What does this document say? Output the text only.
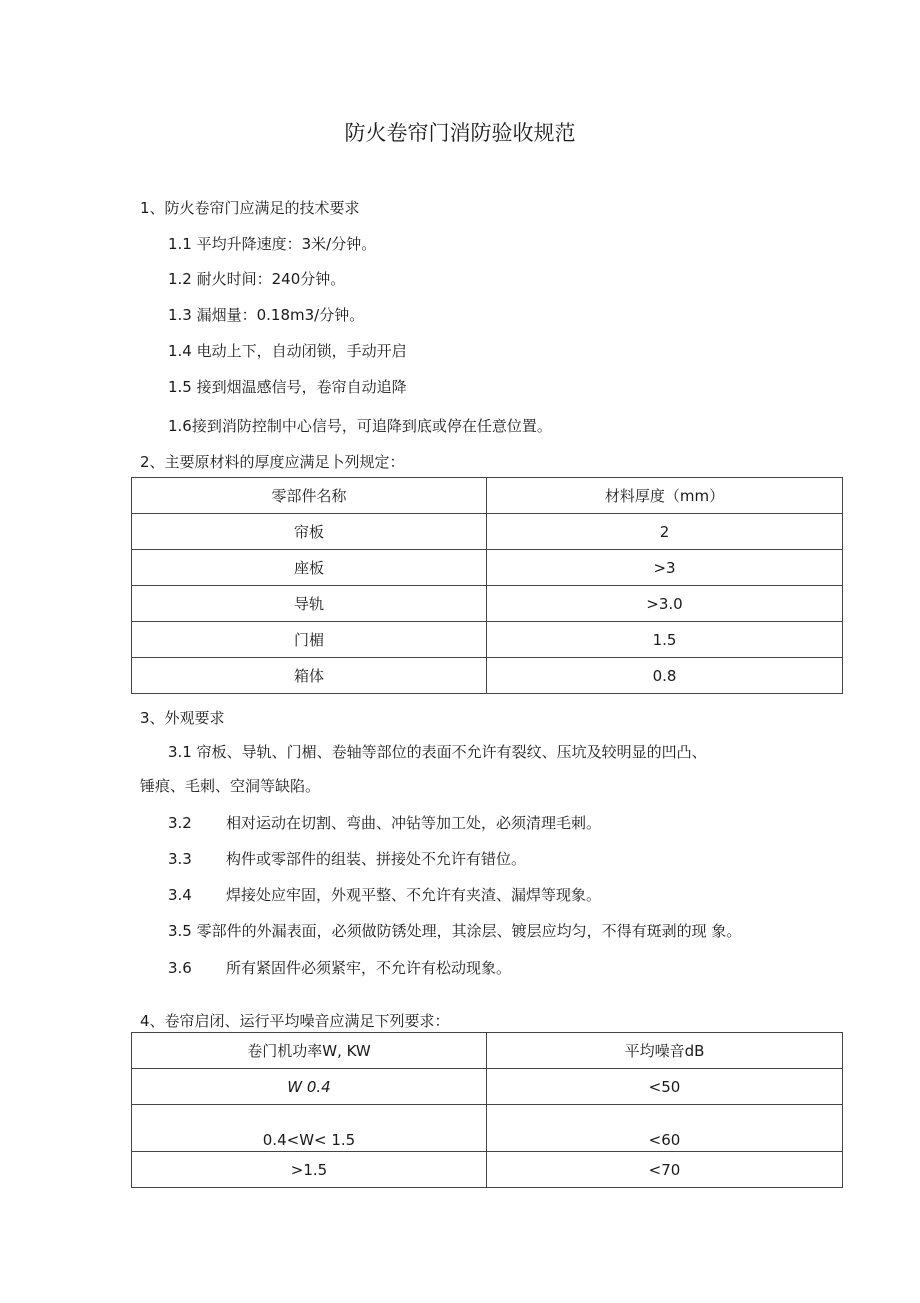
防火卷帘门消防验收规范
1、防火卷帘门应满足的技术要求
1.1 平均升降速度：3米/分钟。
1.2 耐火时间：240分钟。
1.3 漏烟量：0.18m3/分钟。
1.4 电动上下，自动闭锁，手动开启
1.5 接到烟温感信号，卷帘自动追降
1.6接到消防控制中心信号，可追降到底或停在任意位置。
2、主要原材料的厚度应满足卜列规定：
零部件名称	材料厚度（mm）
帘板	2
座板	>3
导轨	>3.0
门楣	1.5
箱体	0.8
3、外观要求
3.1 帘板、导轨、门楣、卷轴等部位的表面不允许有裂纹、压坑及较明显的凹凸、
锤痕、毛刺、空洞等缺陷。
3.2 相对运动在切割、弯曲、冲钻等加工处，必须清理毛刺。
3.3 构件或零部件的组装、拼接处不允许有错位。
3.4 焊接处应牢固，外观平整、不允许有夹渣、漏焊等现象。
3.5 零部件的外漏表面，必须做防锈处理，其涂层、镀层应均匀，不得有斑剥的现 象。
3.6 所有紧固件必须紧牢，不允许有松动现象。
4、卷帘启闭、运行平均噪音应满足下列要求：
卷门机功率W, KW	平均噪音dB
W 0.4	<50
0.4<W< 1.5	<60
>1.5	<70
